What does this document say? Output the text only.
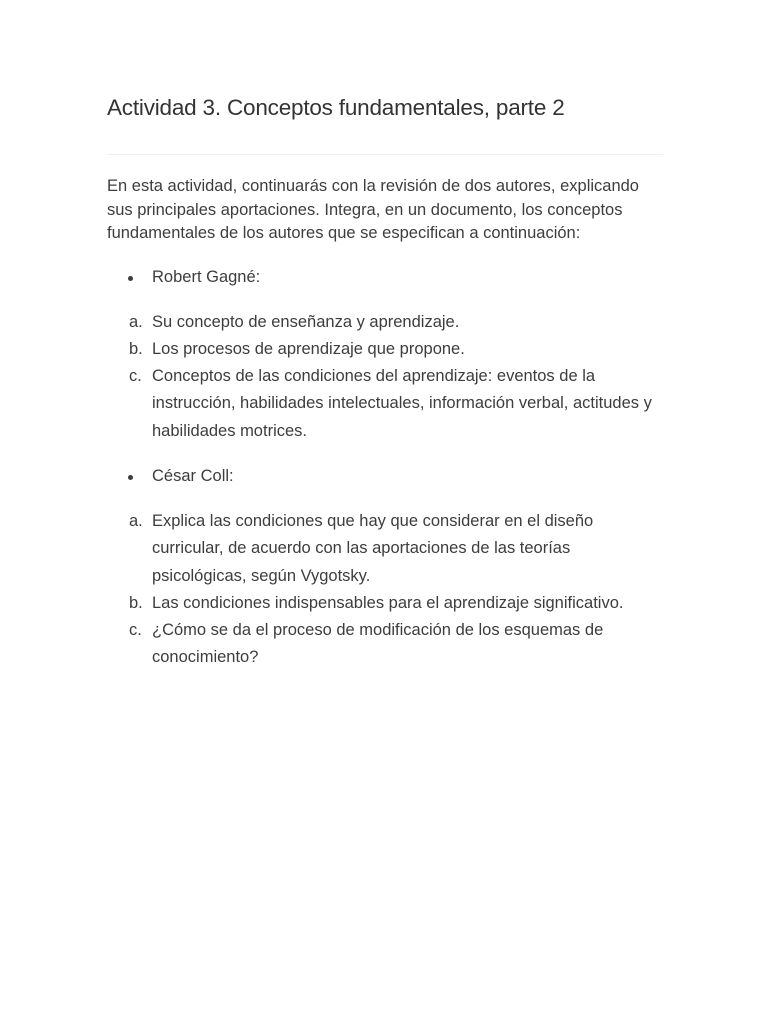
Actividad 3. Conceptos fundamentales, parte 2

En esta actividad, continuarás con la revisión de dos autores, explicando sus principales aportaciones. Integra, en un documento, los conceptos fundamentales de los autores que se especifican a continuación:

Robert Gagné:
a. Su concepto de enseñanza y aprendizaje.
b. Los procesos de aprendizaje que propone.
c. Conceptos de las condiciones del aprendizaje: eventos de la instrucción, habilidades intelectuales, información verbal, actitudes y habilidades motrices.
César Coll:
a. Explica las condiciones que hay que considerar en el diseño curricular, de acuerdo con las aportaciones de las teorías psicológicas, según Vygotsky.
b. Las condiciones indispensables para el aprendizaje significativo.
c. ¿Cómo se da el proceso de modificación de los esquemas de conocimiento?
